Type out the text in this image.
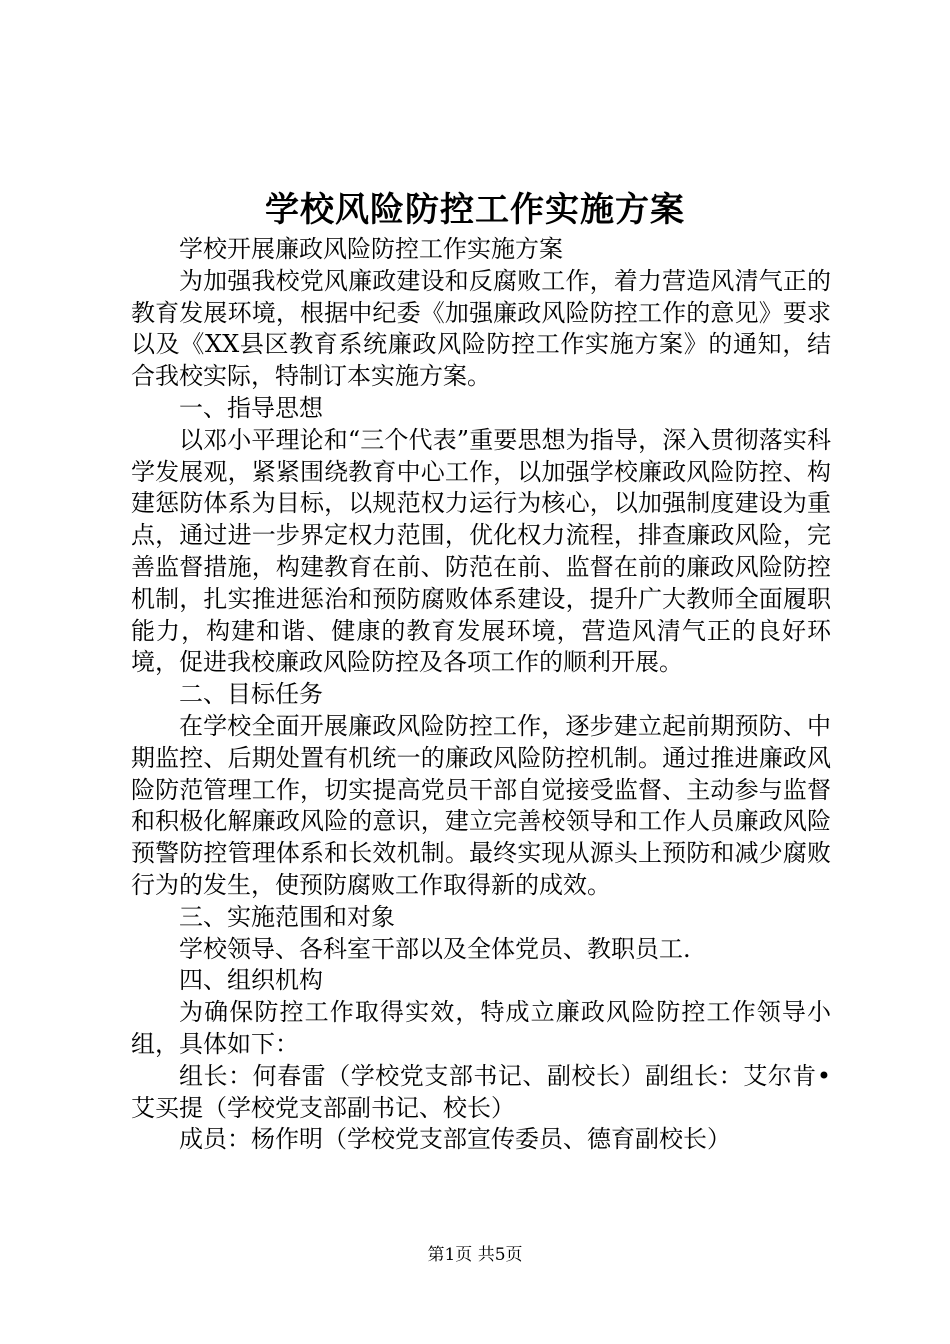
学校风险防控工作实施方案

学校开展廉政风险防控工作实施方案

为加强我校党风廉政建设和反腐败工作，着力营造风清气正的教育发展环境，根据中纪委《加强廉政风险防控工作的意见》要求以及《XX县区教育系统廉政风险防控工作实施方案》的通知，结合我校实际，特制订本实施方案。

一、指导思想

以邓小平理论和“三个代表”重要思想为指导，深入贯彻落实科学发展观，紧紧围绕教育中心工作，以加强学校廉政风险防控、构建惩防体系为目标，以规范权力运行为核心，以加强制度建设为重点，通过进一步界定权力范围，优化权力流程，排查廉政风险，完善监督措施，构建教育在前、防范在前、监督在前的廉政风险防控机制，扎实推进惩治和预防腐败体系建设，提升广大教师全面履职能力，构建和谐、健康的教育发展环境，营造风清气正的良好环境，促进我校廉政风险防控及各项工作的顺利开展。

二、目标任务

在学校全面开展廉政风险防控工作，逐步建立起前期预防、中期监控、后期处置有机统一的廉政风险防控机制。通过推进廉政风险防范管理工作，切实提高党员干部自觉接受监督、主动参与监督和积极化解廉政风险的意识，建立完善校领导和工作人员廉政风险预警防控管理体系和长效机制。最终实现从源头上预防和减少腐败行为的发生，使预防腐败工作取得新的成效。

三、实施范围和对象

学校领导、各科室干部以及全体党员、教职员工.

四、组织机构

为确保防控工作取得实效，特成立廉政风险防控工作领导小组，具体如下：

组长：何春雷（学校党支部书记、副校长）副组长：艾尔肯•艾买提（学校党支部副书记、校长）

成员：杨作明（学校党支部宣传委员、德育副校长）

第1页 共5页
